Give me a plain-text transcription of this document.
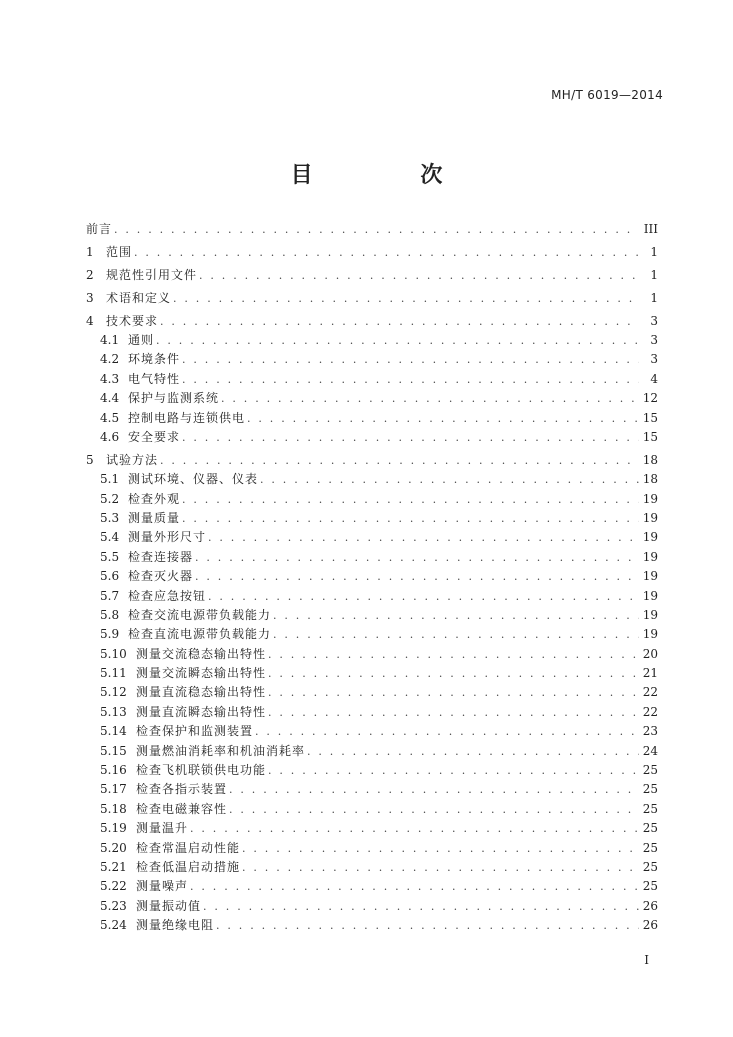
MH/T 6019—2014
目 次
前言 . . .	III
1	范围 . . .	1
2	规范性引用文件 . . .	1
3	术语和定义 . . .	1
4	技术要求 . . .	3
4.1 通则 . . .	3
4.2 环境条件 . . .	3
4.3 电气特性 . . .	4
4.4 保护与监测系统 . . .	12
4.5 控制电路与连锁供电 . . .	15
4.6 安全要求 . . .	15
5	试验方法 . . .	18
5.1 测试环境、仪器、仪表 . . .	18
5.2 检查外观 . . .	19
5.3 测量质量 . . .	19
5.4 测量外形尺寸 . . .	19
5.5 检查连接器 . . .	19
5.6 检查灭火器 . . .	19
5.7 检查应急按钮 . . .	19
5.8 检查交流电源带负载能力 . . .	19
5.9 检查直流电源带负载能力 . . .	19
5.10 测量交流稳态输出特性 . . .	20
5.11 测量交流瞬态输出特性 . . .	21
5.12 测量直流稳态输出特性 . . .	22
5.13 测量直流瞬态输出特性 . . .	22
5.14 检查保护和监测装置 . . .	23
5.15 测量燃油消耗率和机油消耗率 . . .	24
5.16 检查飞机联锁供电功能 . . .	25
5.17 检查各指示装置 . . .	25
5.18 检查电磁兼容性 . . .	25
5.19 测量温升 . . .	25
5.20 检查常温启动性能 . . .	25
5.21 检查低温启动措施 . . .	25
5.22 测量噪声 . . .	25
5.23 测量振动值 . . .	26
5.24 测量绝缘电阻 . . .	26
I
